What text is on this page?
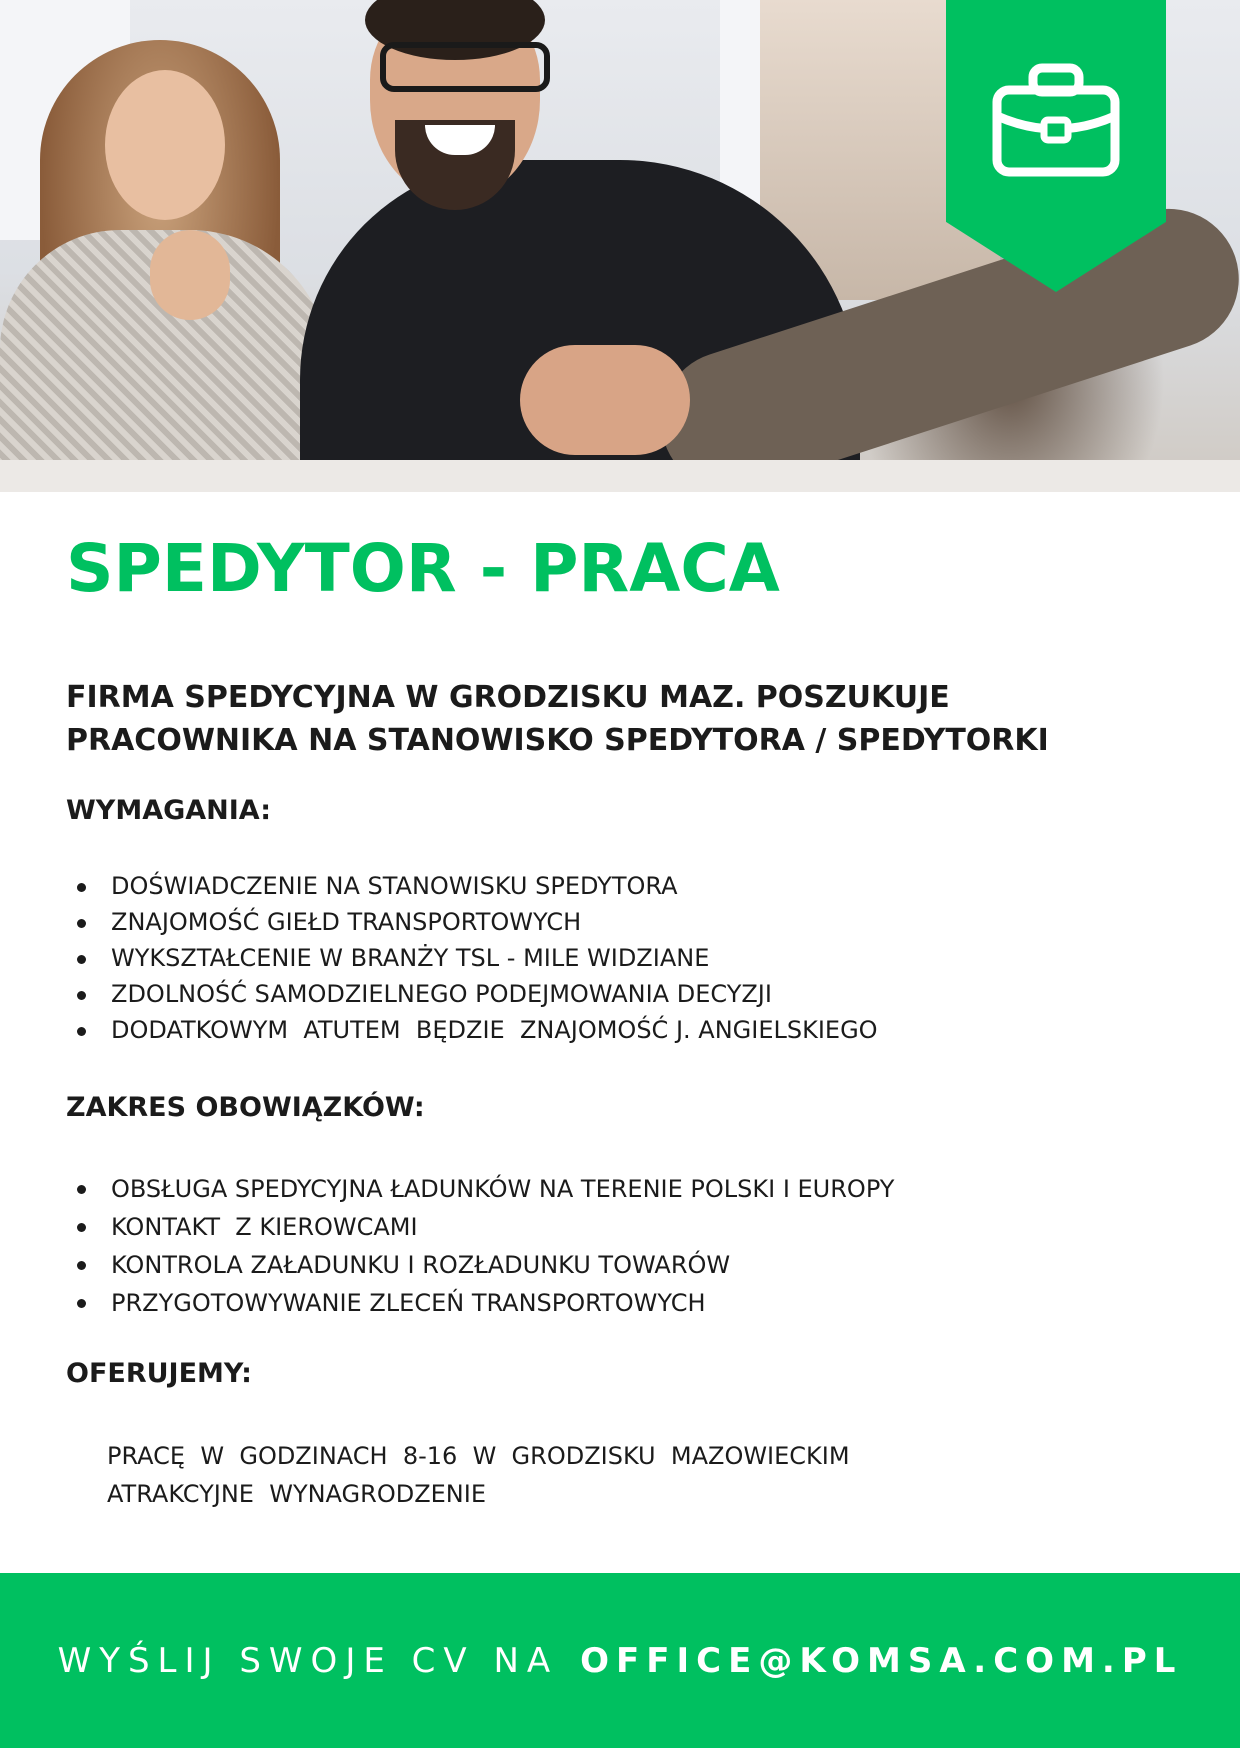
SPEDYTOR - PRACA

FIRMA SPEDYCYJNA W GRODZISKU MAZ. POSZUKUJE
PRACOWNIKA NA STANOWISKO SPEDYTORA / SPEDYTORKI

WYMAGANIA:
DOŚWIADCZENIE NA STANOWISKU SPEDYTORA
ZNAJOMOŚĆ GIEŁD TRANSPORTOWYCH
WYKSZTAŁCENIE W BRANŻY TSL - MILE WIDZIANE
ZDOLNOŚĆ SAMODZIELNEGO PODEJMOWANIA DECYZJI
DODATKOWYM  ATUTEM  BĘDZIE  ZNAJOMOŚĆ J. ANGIELSKIEGO
ZAKRES OBOWIĄZKÓW:
OBSŁUGA SPEDYCYJNA ŁADUNKÓW NA TERENIE POLSKI I EUROPY
KONTAKT  Z KIEROWCAMI
KONTROLA ZAŁADUNKU I ROZŁADUNKU TOWARÓW
PRZYGOTOWYWANIE ZLECEŃ TRANSPORTOWYCH
OFERUJEMY:

PRACĘ  W  GODZINACH  8-16  W  GRODZISKU  MAZOWIECKIM
ATRAKCYJNE  WYNAGRODZENIE

WYŚLIJ SWOJE CV NA OFFICE@KOMSA.COM.PL
